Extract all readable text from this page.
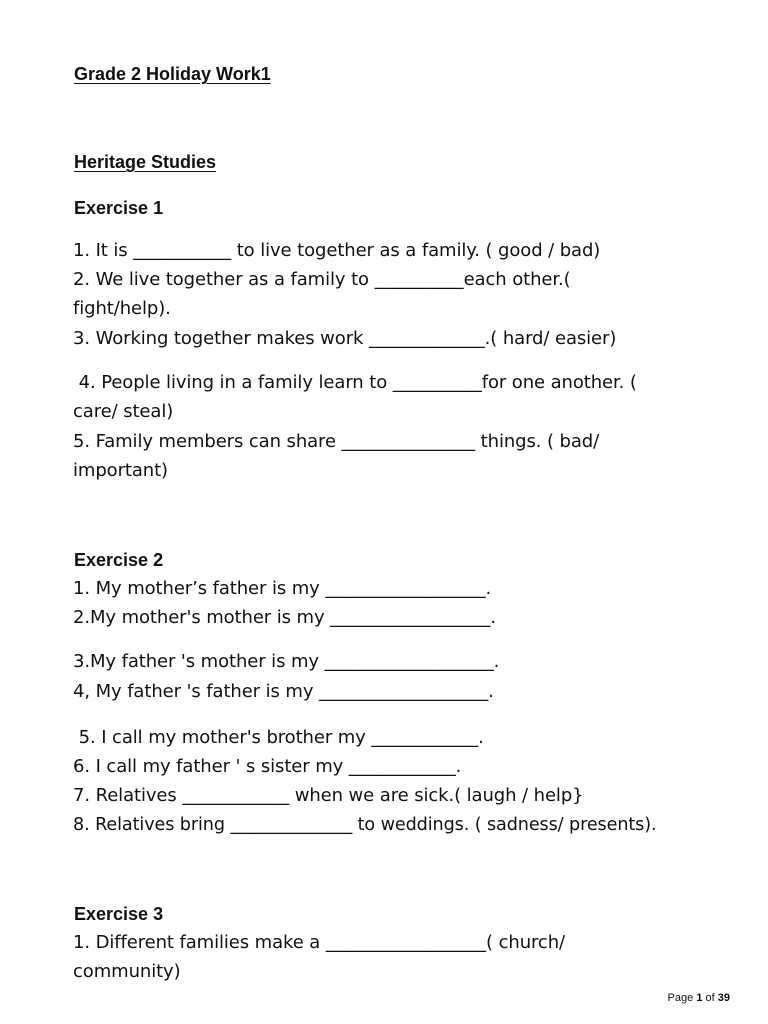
Grade 2 Holiday Work1
Heritage Studies
Exercise 1

1. It is ___________ to live together as a family. ( good / bad)

2. We live together as a family to __________each other.(

fight/help).

3. Working together makes work _____________.( hard/ easier)

4. People living in a family learn to __________for one another. (

care/ steal)

5. Family members can share _______________ things. ( bad/

important)

Exercise 2

1. My mother’s father is my __________________.

2.My mother's mother is my __________________.

3.My father 's mother is my ___________________.

4, My father 's father is my ___________________.

5. I call my mother's brother my ____________.

6. I call my father ' s sister my ____________.

7. Relatives ____________ when we are sick.( laugh / help}

8. Relatives bring ______________ to weddings. ( sadness/ presents).

Exercise 3

1. Different families make a __________________( church/

community)

Page 1 of 39
